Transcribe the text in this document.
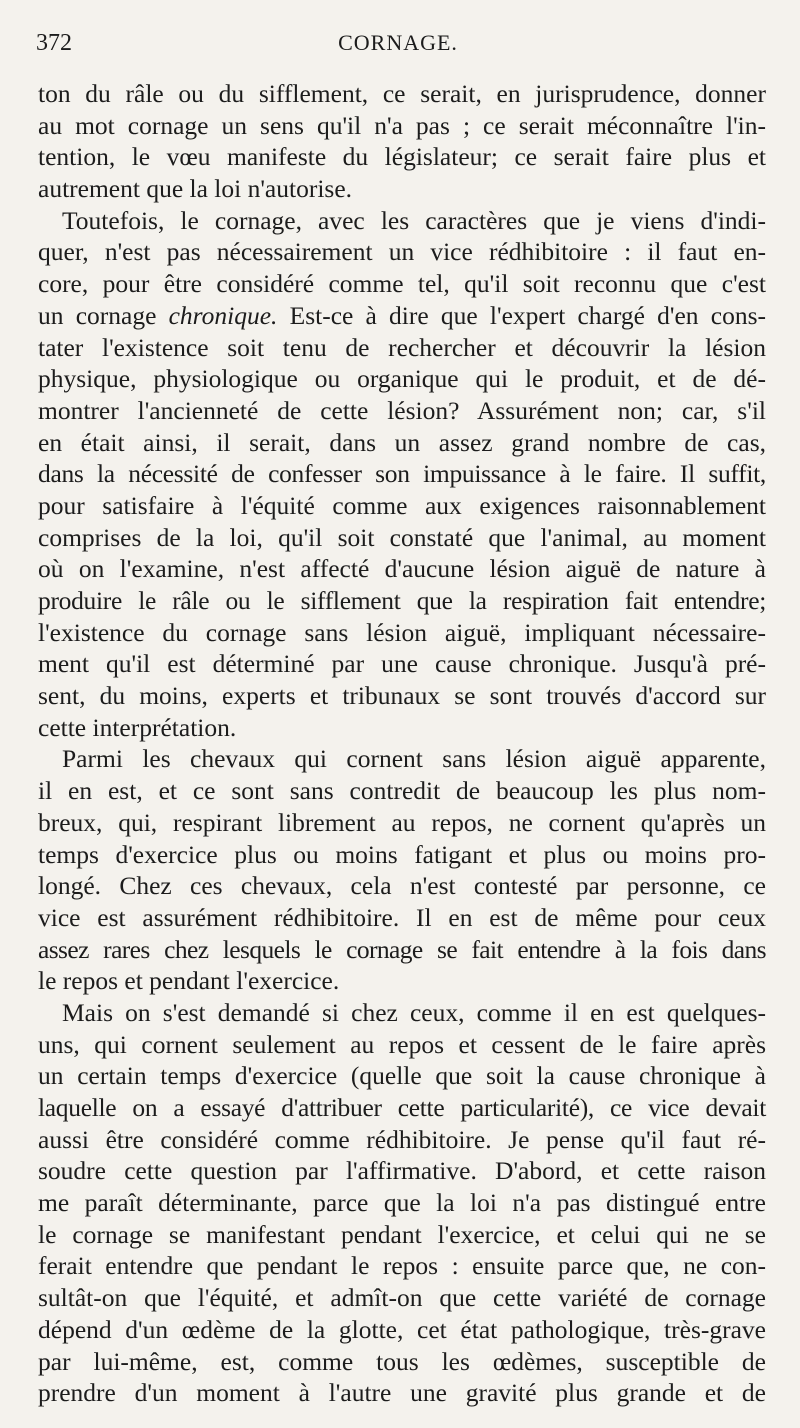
372	CORNAGE.
ton du râle ou du sifflement, ce serait, en jurisprudence, donner
au mot cornage un sens qu'il n'a pas ; ce serait méconnaître l'in-
tention, le vœu manifeste du législateur; ce serait faire plus et
autrement que la loi n'autorise.
Toutefois, le cornage, avec les caractères que je viens d'indi-
quer, n'est pas nécessairement un vice rédhibitoire : il faut en-
core, pour être considéré comme tel, qu'il soit reconnu que c'est
un cornage chronique. Est-ce à dire que l'expert chargé d'en cons-
tater l'existence soit tenu de rechercher et découvrir la lésion
physique, physiologique ou organique qui le produit, et de dé-
montrer l'ancienneté de cette lésion? Assurément non; car, s'il
en était ainsi, il serait, dans un assez grand nombre de cas,
dans la nécessité de confesser son impuissance à le faire. Il suffit,
pour satisfaire à l'équité comme aux exigences raisonnablement
comprises de la loi, qu'il soit constaté que l'animal, au moment
où on l'examine, n'est affecté d'aucune lésion aiguë de nature à
produire le râle ou le sifflement que la respiration fait entendre;
l'existence du cornage sans lésion aiguë, impliquant nécessaire-
ment qu'il est déterminé par une cause chronique. Jusqu'à pré-
sent, du moins, experts et tribunaux se sont trouvés d'accord sur
cette interprétation.
Parmi les chevaux qui cornent sans lésion aiguë apparente,
il en est, et ce sont sans contredit de beaucoup les plus nom-
breux, qui, respirant librement au repos, ne cornent qu'après un
temps d'exercice plus ou moins fatigant et plus ou moins pro-
longé. Chez ces chevaux, cela n'est contesté par personne, ce
vice est assurément rédhibitoire. Il en est de même pour ceux
assez rares chez lesquels le cornage se fait entendre à la fois dans
le repos et pendant l'exercice.
Mais on s'est demandé si chez ceux, comme il en est quelques-
uns, qui cornent seulement au repos et cessent de le faire après
un certain temps d'exercice (quelle que soit la cause chronique à
laquelle on a essayé d'attribuer cette particularité), ce vice devait
aussi être considéré comme rédhibitoire. Je pense qu'il faut ré-
soudre cette question par l'affirmative. D'abord, et cette raison
me paraît déterminante, parce que la loi n'a pas distingué entre
le cornage se manifestant pendant l'exercice, et celui qui ne se
ferait entendre que pendant le repos : ensuite parce que, ne con-
sultât-on que l'équité, et admît-on que cette variété de cornage
dépend d'un œdème de la glotte, cet état pathologique, très-grave
par lui-même, est, comme tous les œdèmes, susceptible de
prendre d'un moment à l'autre une gravité plus grande et de
